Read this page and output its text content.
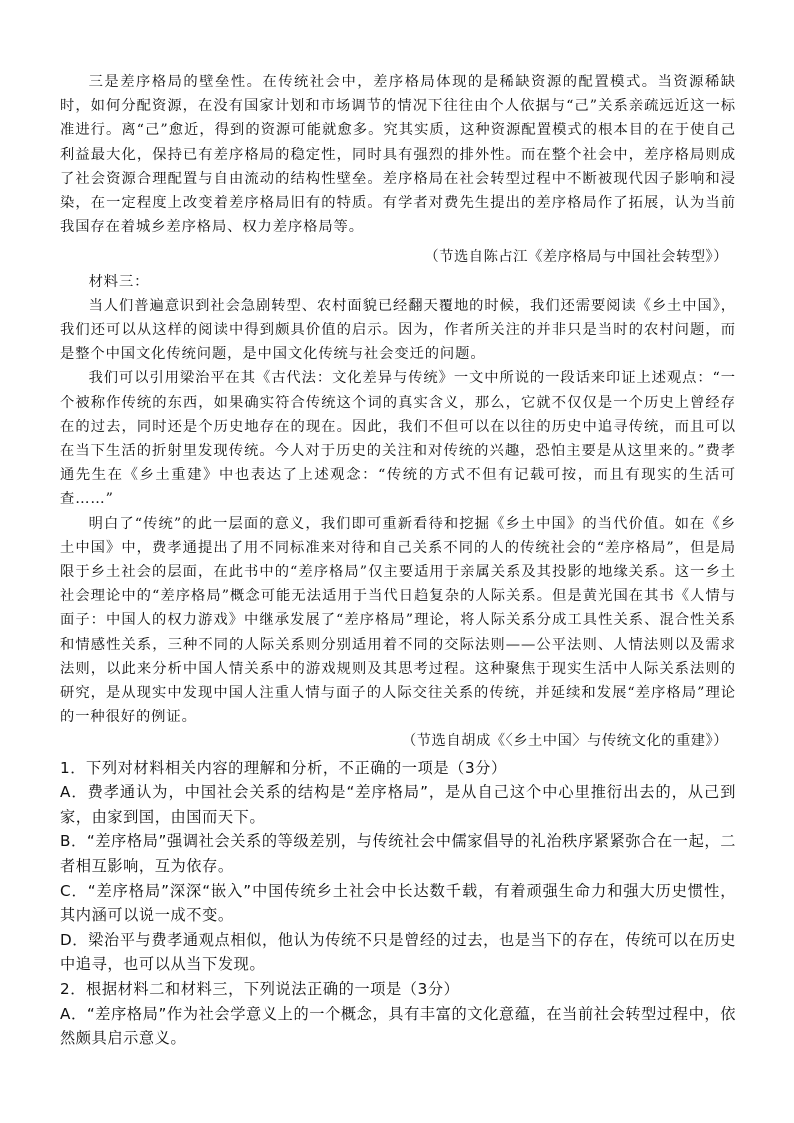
三是差序格局的壁垒性。在传统社会中，差序格局体现的是稀缺资源的配置模式。当资源稀缺时，如何分配资源，在没有国家计划和市场调节的情况下往往由个人依据与“己”关系亲疏远近这一标准进行。离“己”愈近，得到的资源可能就愈多。究其实质，这种资源配置模式的根本目的在于使自己利益最大化，保持已有差序格局的稳定性，同时具有强烈的排外性。而在整个社会中，差序格局则成了社会资源合理配置与自由流动的结构性壁垒。差序格局在社会转型过程中不断被现代因子影响和浸染，在一定程度上改变着差序格局旧有的特质。有学者对费先生提出的差序格局作了拓展，认为当前我国存在着城乡差序格局、权力差序格局等。

（节选自陈占江《差序格局与中国社会转型》）

材料三：

当人们普遍意识到社会急剧转型、农村面貌已经翻天覆地的时候，我们还需要阅读《乡土中国》，我们还可以从这样的阅读中得到颇具价值的启示。因为，作者所关注的并非只是当时的农村问题，而是整个中国文化传统问题，是中国文化传统与社会变迁的问题。

我们可以引用梁治平在其《古代法：文化差异与传统》一文中所说的一段话来印证上述观点：“一个被称作传统的东西，如果确实符合传统这个词的真实含义，那么，它就不仅仅是一个历史上曾经存在的过去，同时还是个历史地存在的现在。因此，我们不但可以在以往的历史中追寻传统，而且可以在当下生活的折射里发现传统。今人对于历史的关注和对传统的兴趣，恐怕主要是从这里来的。”费孝通先生在《乡土重建》中也表达了上述观念：“传统的方式不但有记载可按，而且有现实的生活可查……”

明白了“传统”的此一层面的意义，我们即可重新看待和挖掘《乡土中国》的当代价值。如在《乡土中国》中，费孝通提出了用不同标准来对待和自己关系不同的人的传统社会的“差序格局”，但是局限于乡土社会的层面，在此书中的“差序格局”仅主要适用于亲属关系及其投影的地缘关系。这一乡土社会理论中的“差序格局”概念可能无法适用于当代日趋复杂的人际关系。但是黄光国在其书《人情与面子：中国人的权力游戏》中继承发展了“差序格局”理论，将人际关系分成工具性关系、混合性关系和情感性关系，三种不同的人际关系则分别适用着不同的交际法则——公平法则、人情法则以及需求法则，以此来分析中国人情关系中的游戏规则及其思考过程。这种聚焦于现实生活中人际关系法则的研究，是从现实中发现中国人注重人情与面子的人际交往关系的传统，并延续和发展“差序格局”理论的一种很好的例证。

（节选自胡成《〈乡土中国〉与传统文化的重建》）

1．下列对材料相关内容的理解和分析，不正确的一项是（3分）

A．费孝通认为，中国社会关系的结构是“差序格局”，是从自己这个中心里推衍出去的，从己到家，由家到国，由国而天下。

B．“差序格局”强调社会关系的等级差别，与传统社会中儒家倡导的礼治秩序紧紧弥合在一起，二者相互影响，互为依存。

C．“差序格局”深深“嵌入”中国传统乡土社会中长达数千载，有着顽强生命力和强大历史惯性，其内涵可以说一成不变。

D．梁治平与费孝通观点相似，他认为传统不只是曾经的过去，也是当下的存在，传统可以在历史中追寻，也可以从当下发现。

2．根据材料二和材料三，下列说法正确的一项是（3分）

A．“差序格局”作为社会学意义上的一个概念，具有丰富的文化意蕴，在当前社会转型过程中，依然颇具启示意义。
